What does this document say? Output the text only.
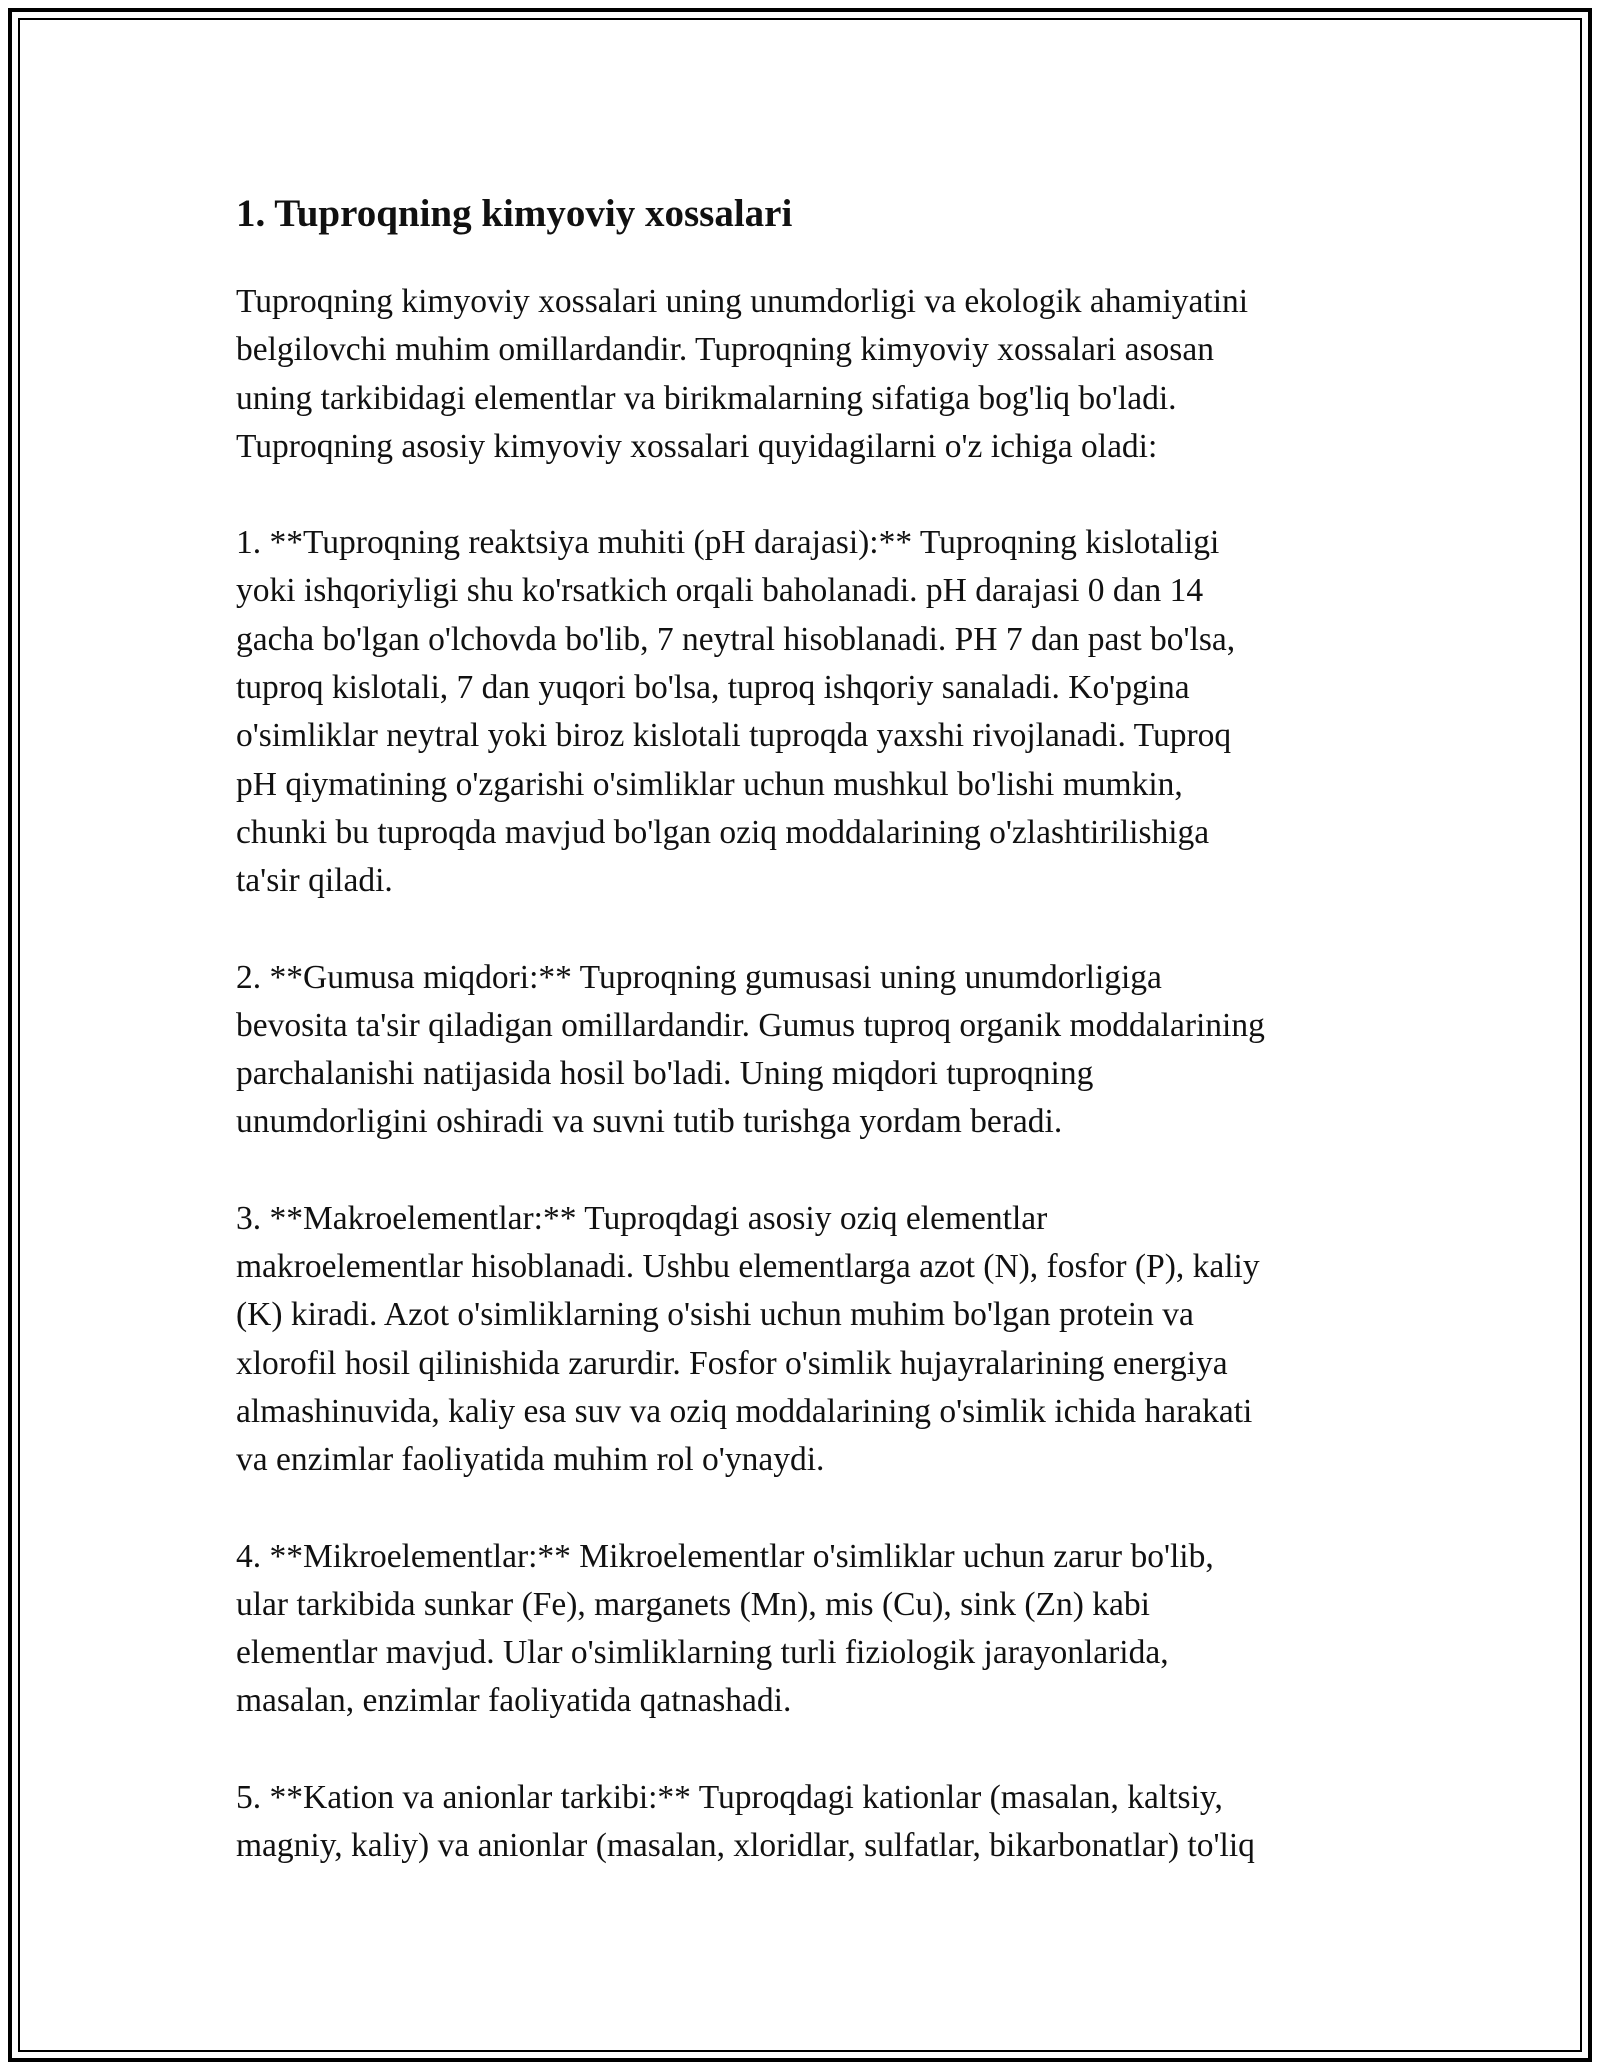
1. Tuproqning kimyoviy xossalari

Tuproqning kimyoviy xossalari uning unumdorligi va ekologik ahamiyatini
belgilovchi muhim omillardandir. Tuproqning kimyoviy xossalari asosan
uning tarkibidagi elementlar va birikmalarning sifatiga bog'liq bo'ladi.
Tuproqning asosiy kimyoviy xossalari quyidagilarni o'z ichiga oladi:

1. **Tuproqning reaktsiya muhiti (pH darajasi):** Tuproqning kislotaligi
yoki ishqoriyligi shu ko'rsatkich orqali baholanadi. pH darajasi 0 dan 14
gacha bo'lgan o'lchovda bo'lib, 7 neytral hisoblanadi. PH 7 dan past bo'lsa,
tuproq kislotali, 7 dan yuqori bo'lsa, tuproq ishqoriy sanaladi. Ko'pgina
o'simliklar neytral yoki biroz kislotali tuproqda yaxshi rivojlanadi. Tuproq
pH qiymatining o'zgarishi o'simliklar uchun mushkul bo'lishi mumkin,
chunki bu tuproqda mavjud bo'lgan oziq moddalarining o'zlashtirilishiga
ta'sir qiladi.

2. **Gumusa miqdori:** Tuproqning gumusasi uning unumdorligiga
bevosita ta'sir qiladigan omillardandir. Gumus tuproq organik moddalarining
parchalanishi natijasida hosil bo'ladi. Uning miqdori tuproqning
unumdorligini oshiradi va suvni tutib turishga yordam beradi.

3. **Makroelementlar:** Tuproqdagi asosiy oziq elementlar
makroelementlar hisoblanadi. Ushbu elementlarga azot (N), fosfor (P), kaliy
(K) kiradi. Azot o'simliklarning o'sishi uchun muhim bo'lgan protein va
xlorofil hosil qilinishida zarurdir. Fosfor o'simlik hujayralarining energiya
almashinuvida, kaliy esa suv va oziq moddalarining o'simlik ichida harakati
va enzimlar faoliyatida muhim rol o'ynaydi.

4. **Mikroelementlar:** Mikroelementlar o'simliklar uchun zarur bo'lib,
ular tarkibida sunkar (Fe), marganets (Mn), mis (Cu), sink (Zn) kabi
elementlar mavjud. Ular o'simliklarning turli fiziologik jarayonlarida,
masalan, enzimlar faoliyatida qatnashadi.

5. **Kation va anionlar tarkibi:** Tuproqdagi kationlar (masalan, kaltsiy,
magniy, kaliy) va anionlar (masalan, xloridlar, sulfatlar, bikarbonatlar) to'liq
